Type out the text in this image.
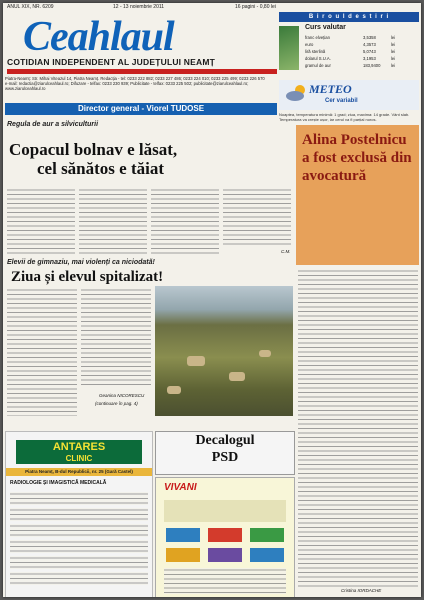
ANUL XIX, NR. 6209	12 - 13 noiembrie 2011	16 pagini - 0,80 lei
Ceahlaul
COTIDIAN INDEPENDENT AL JUDEȚULUI NEAMȚ
Piatra-Neamț: Str. Mihai Viteazul 14, Piatra Neamț. Redacția - tel: 0233 222 882; 0233 227 486; 0233 224 010; 0233 225 499; 0233 226 570
e-mail: redactia@ziarulceahlaul.ro; Difuzare - telfax: 0233 230 939; Publicitate - telfax: 0233 225 502; publicitate@ziarulceahlaul.ro; www.ziarulceahlaul.ro
Director general - Viorel TUDOSE
B i r o u l d e s t i r i
Curs valutar
franc elvețian	3,5358	lei
euro	4,3573	lei
liră sterlină	5,0743	lei
dolarul S.U.A.	3,1953	lei
gramul de aur	183,9400	lei
METEO
Cer variabil
Noaptea, temperatura minimă: 1 grad; ziua, maxima: 14 grade. Vânt slab. Temperatura va crește ușor, iar cerul va fi parțial noros.
Regula de aur a silviculturii
Copacul bolnav e lăsat,
cel sănătos e tăiat
C.M.
Alina Postelnicu a fost exclusă din avocatură
Cristina IORDACHE
Elevii de gimnaziu, mai violenți ca niciodată!
Ziua și elevul spitalizat!
Geanina NICORESCU
(continuare în pag. 4)
ANTARES
CLINIC
Piatra Neamț, B-dul Republicii, nr. 25 (Gară Castel)
RADIOLOGIE ȘI IMAGISTICĂ MEDICALĂ
Decalogul
PSD
VIVANI
